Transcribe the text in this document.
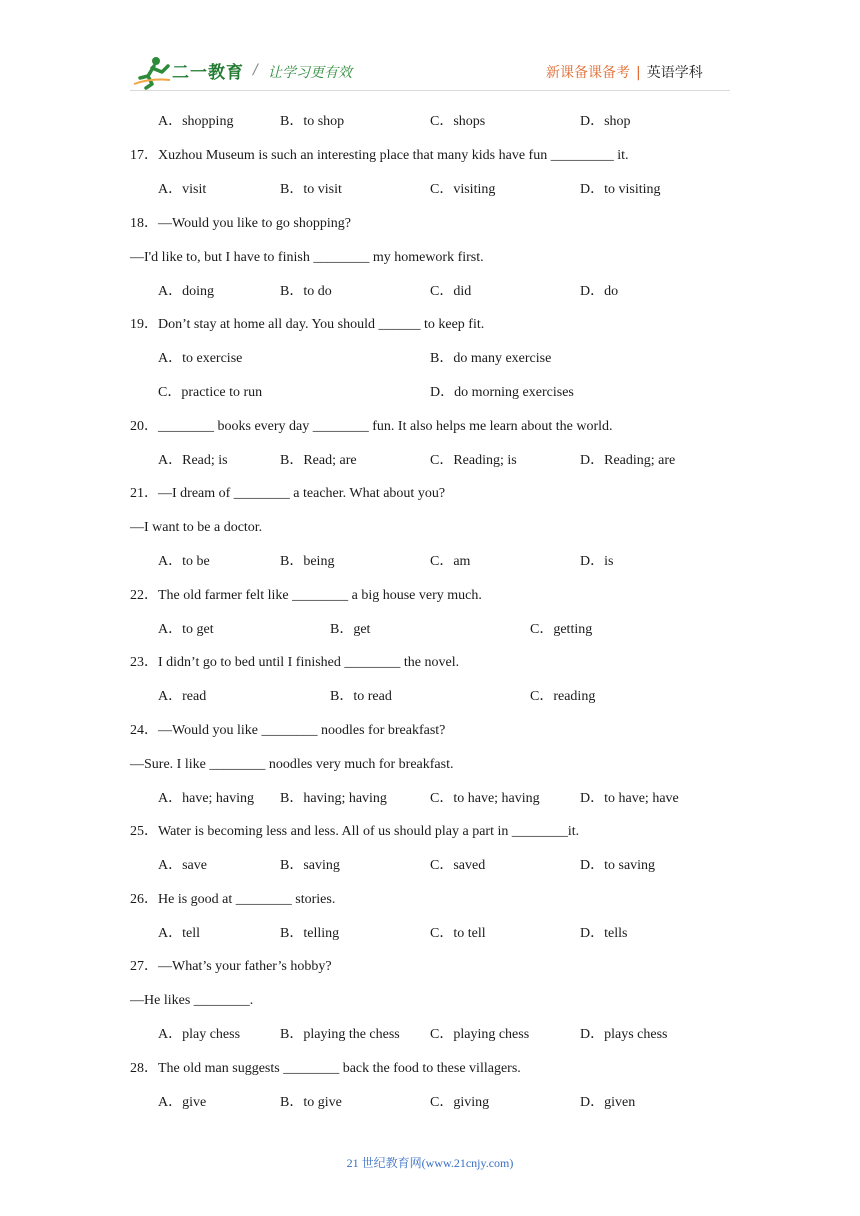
二一教育 / 让学习更有效	新课备课备考 | 英语学科
A．shopping	B．to shop	C．shops	D．shop
17．Xuzhou Museum is such an interesting place that many kids have fun _________ it.
A．visit	B．to visit	C．visiting	D．to visiting
18．—Would you like to go shopping?
—I'd like to, but I have to finish ________ my homework first.
A．doing	B．to do	C．did	D．do
19．Don’t stay at home all day. You should ______ to keep fit.
A．to exercise	B．do many exercise
C．practice to run	D．do morning exercises
20．________ books every day ________ fun. It also helps me learn about the world.
A．Read; is	B．Read; are	C．Reading; is	D．Reading; are
21．—I dream of ________ a teacher. What about you?
—I want to be a doctor.
A．to be	B．being	C．am	D．is
22．The old farmer felt like ________ a big house very much.
A．to get	B．get	C．getting
23．I didn’t go to bed until I finished ________ the novel.
A．read	B．to read	C．reading
24．—Would you like ________ noodles for breakfast?
—Sure. I like ________ noodles very much for breakfast.
A．have; having B．having; having	C．to have; having	D．to have; have
25．Water is becoming less and less. All of us should play a part in ________it.
A．save	B．saving	C．saved	D．to saving
26．He is good at ________ stories.
A．tell	B．telling	C．to tell	D．tells
27．—What’s your father’s hobby?
—He likes ________.
A．play chess	B．playing the chess C．playing chess	D．plays chess
28．The old man suggests ________ back the food to these villagers.
A．give	B．to give	C．giving	D．given
21 世纪教育网(www.21cnjy.com)
